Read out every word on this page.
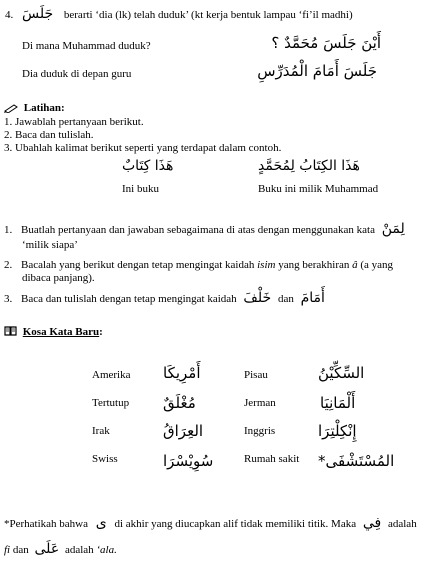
4. جَلَسَ berarti ‘dia (lk) telah duduk’ (kt kerja bentuk lampau ‘fi’il madhi)
Di mana Muhammad duduk?	أَيْنَ جَلَسَ مُحَمَّدٌ ؟
Dia duduk di depan guru	جَلَسَ أَمَامَ الْمُدَرِّسِ
Latihan:
1. Jawablah pertanyaan berikut.
2. Baca dan tulislah.
3. Ubahlah kalimat berikut seperti yang terdapat dalam contoh.
هَذَا كِتَابٌ
Ini buku
هَذَا الكِتَابُ لِمُحَمَّدٍ
Buku ini milik Muhammad
1. Buatlah pertanyaan dan jawaban sebagaimana di atas dengan menggunakan kata لِمَنْ
‘milik siapa’
2. Bacalah yang berikut dengan tetap mengingat kaidah isim yang berakhiran â (a yang
dibaca panjang).
3. Baca dan tulislah dengan tetap mengingat kaidah خَلْفَ dan أَمَامَ
Kosa Kata Baru:
Amerika أَمْرِيكَا	Pisau	السِّكِّيْنُ
Tertutup مُغْلَقٌ	Jerman	أَلْمَانِيَا
Irak	العِرَاقُ	Inggris	إِنْكِلْتِرَا
Swiss	سُوِيْسْرَا	Rumah sakit المُسْتَشْفَى*
*Perhatikah bahwa ى di akhir yang diucapkan alif tidak memiliki titik. Maka فِي adalah
fi dan عَلَى adalah ‘ala.
